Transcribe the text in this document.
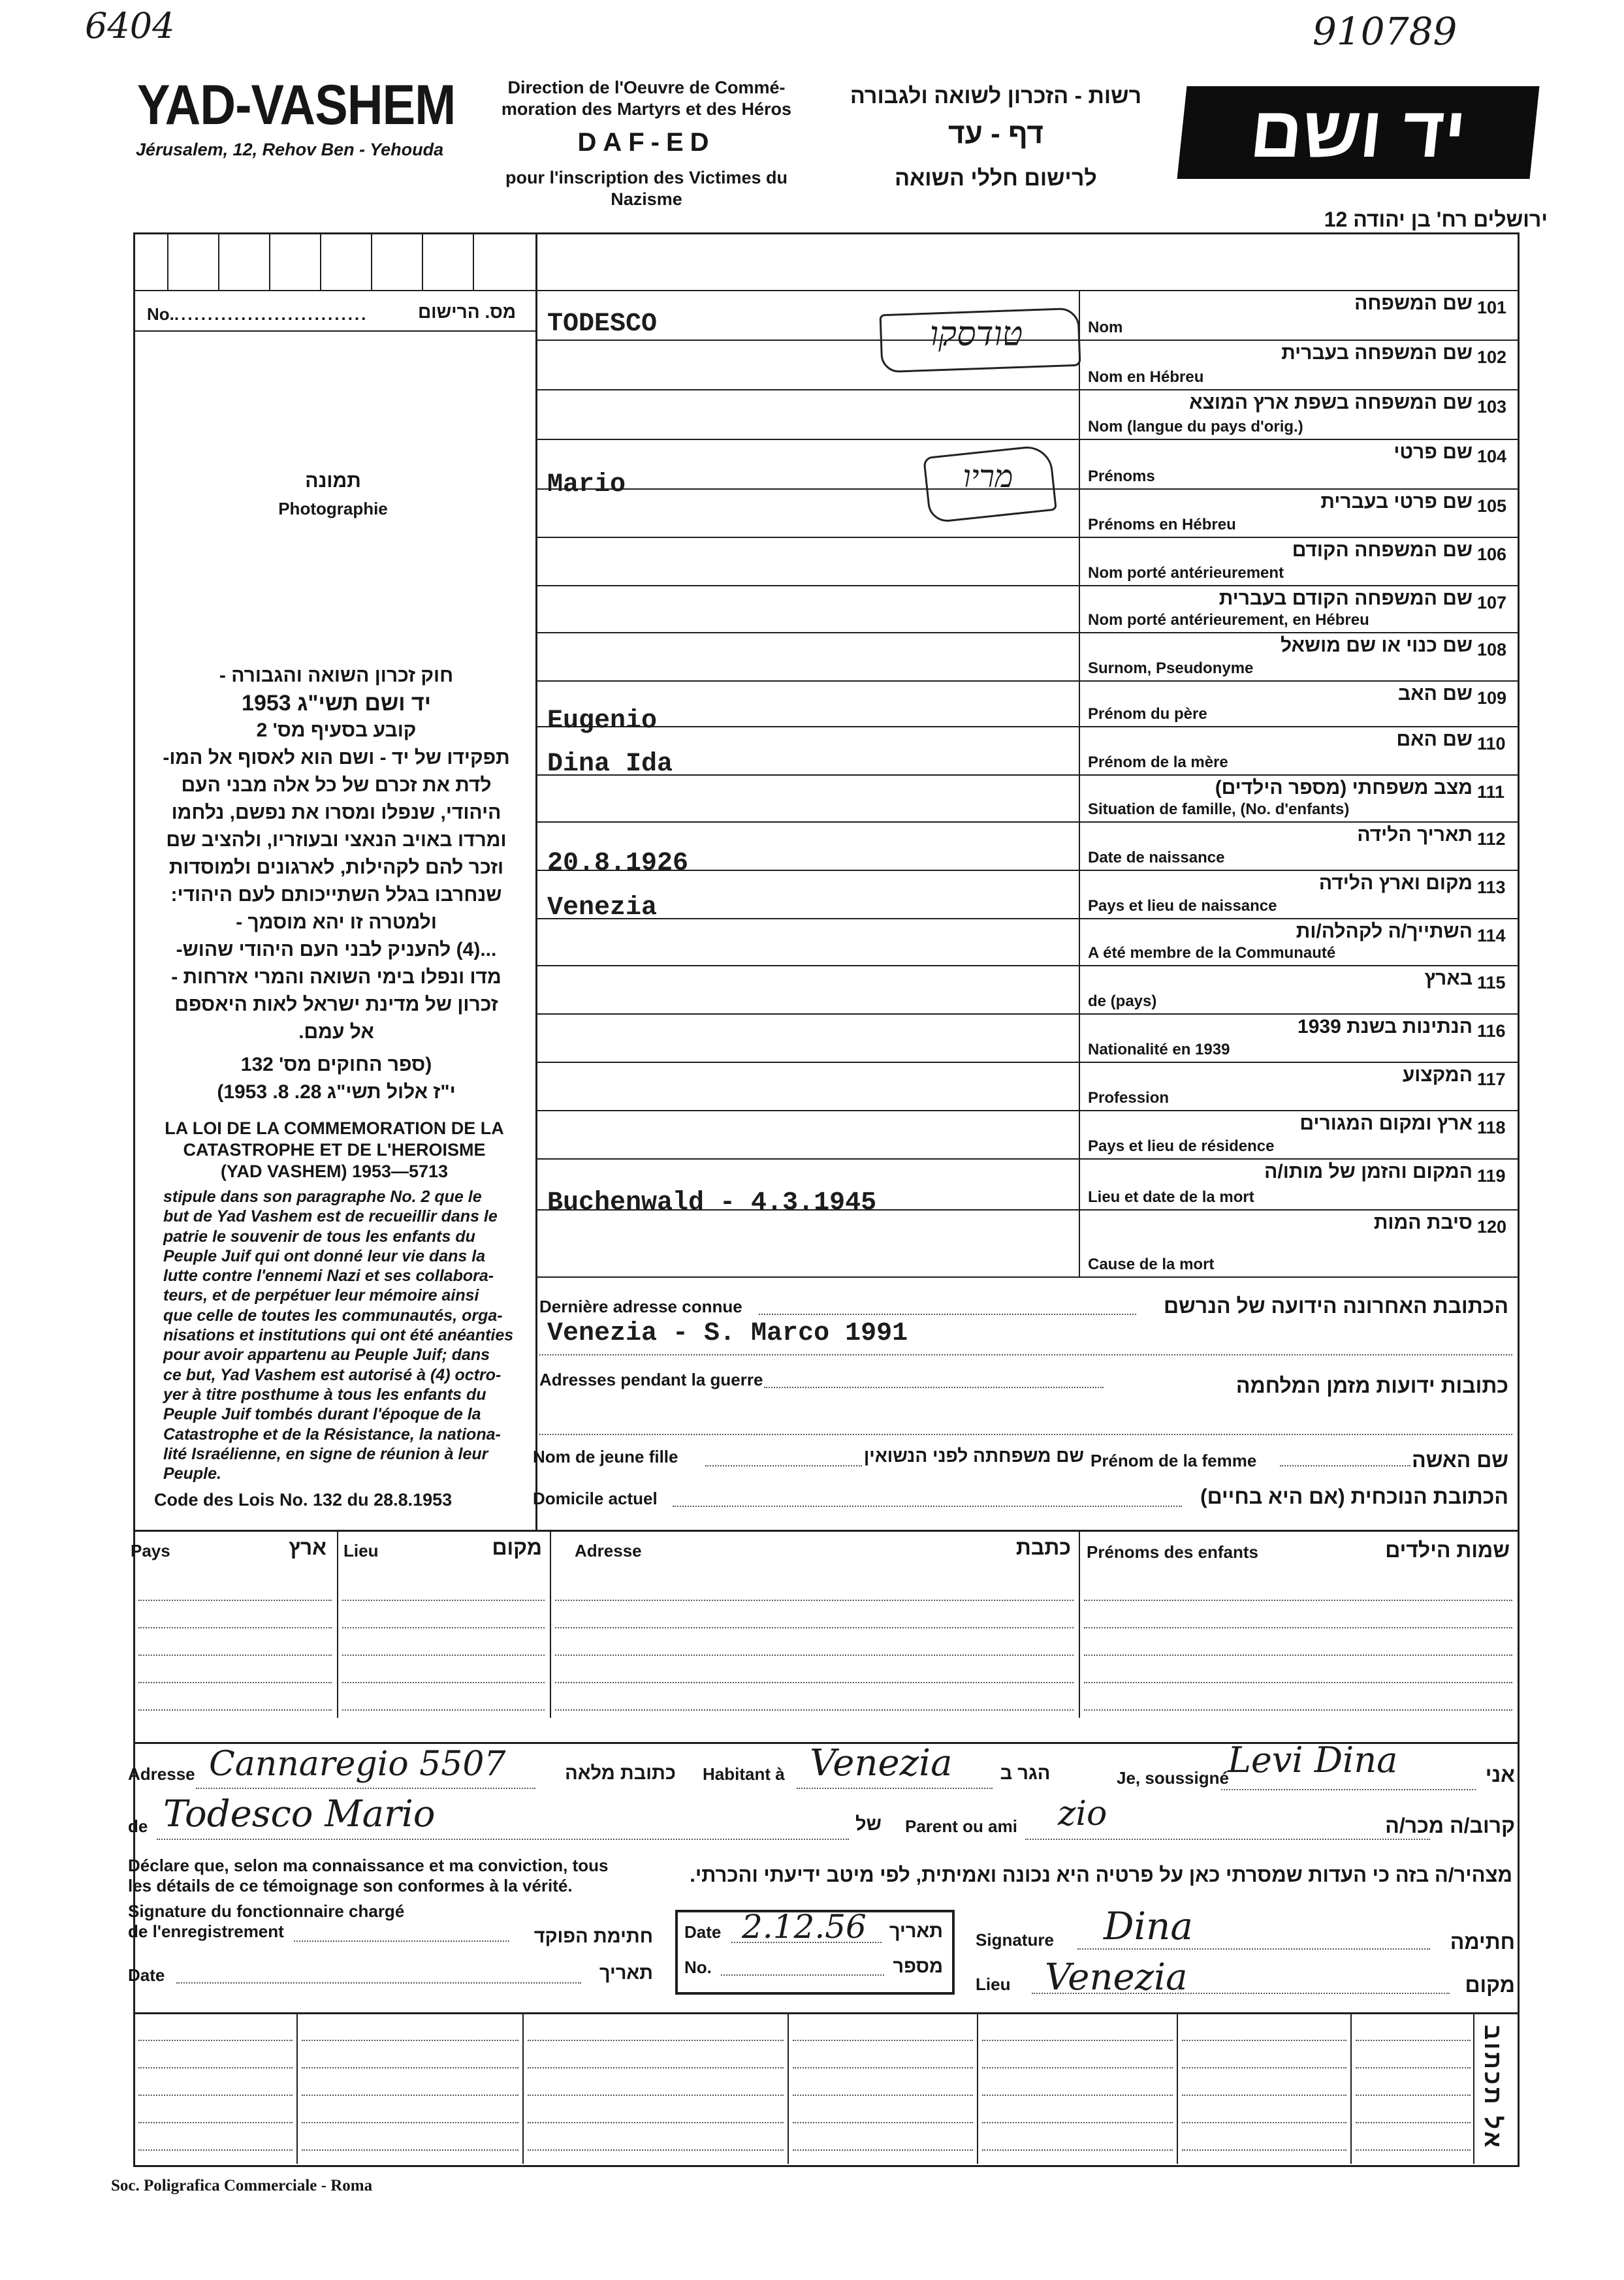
6404	910789
YAD-VASHEM
Jérusalem, 12, Rehov Ben - Yehouda
Direction de l'Oeuvre de Commé-
moration des Martyrs et des Héros
DAF-ED
pour l'inscription des Victimes du
Nazisme
רשות - הזכרון לשואה ולגבורה
דף - עד
לרישום חללי השואה
יד ושם
ירושלים רח' בן יהודה 12
No..............................	מס. הרישום
תמונה
Photographie
חוק זכרון השואה והגבורה -
יד ושם תשי"ג 1953
קובע בסעיף מס' 2
תפקידו של יד - ושם הוא לאסוף אל המו-
לדת את זכרם של כל אלה מבני העם
היהודי, שנפלו ומסרו את נפשם, נלחמו
ומרדו באויב הנאצי ובעוזריו, ולהציב שם
וזכר להם לקהילות, לארגונים ולמוסדות
שנחרבו בגלל השתייכותם לעם היהודי:
ולמטרה זו יהא מוסמך -
...(4) להעניק לבני העם היהודי שהוש-
מדו ונפלו בימי השואה והמרי אזרחות -
זכרון של מדינת ישראל לאות היאספם
אל עמם.
(ספר החוקים מס' 132
י"ז אלול תשי"ג 28. 8. 1953)
LA LOI DE LA COMMEMORATION DE LA
CATASTROPHE ET DE L'HEROISME
(YAD VASHEM) 1953—5713
stipule dans son paragraphe No. 2 que le
but de Yad Vashem est de recueillir dans le
patrie le souvenir de tous les enfants du
Peuple Juif qui ont donné leur vie dans la
lutte contre l'ennemi Nazi et ses collabora-
teurs, et de perpétuer leur mémoire ainsi
que celle de toutes les communautés, orga-
nisations et institutions qui ont été anéanties
pour avoir appartenu au Peuple Juif; dans
ce but, Yad Vashem est autorisé à (4) octro-
yer à titre posthume à tous les enfants du
Peuple Juif tombés durant l'époque de la
Catastrophe et de la Résistance, la nationa-
lité Israélienne, en signe de réunion à leur
Peuple.
Code des Lois No. 132 du 28.8.1953
101
שם המשפחה
Nom
TODESCO
102
שם המשפחה בעברית
Nom en Hébreu
103
שם המשפחה בשפת ארץ המוצא
Nom (langue du pays d'orig.)
104
שם פרטי
Prénoms
Mario
105
שם פרטי בעברית
Prénoms en Hébreu
106
שם המשפחה הקודם
Nom porté antérieurement
107
שם המשפחה הקודם בעברית
Nom porté antérieurement, en Hébreu
108
שם כנוי או שם מושאל
Surnom, Pseudonyme
109
שם האב
Prénom du père
Eugenio
110
שם האם
Prénom de la mère
Dina Ida
111
מצב משפחתי (מספר הילדים)
Situation de famille, (No. d'enfants)
112
תאריך הלידה
Date de naissance
20.8.1926
113
מקום וארץ הלידה
Pays et lieu de naissance
Venezia
114
השתייך/ה לקהלה/ות
A été membre de la Communauté
115
בארץ
de (pays)
116
הנתינות בשנת 1939
Nationalité en 1939
117
המקצוע
Profession
118
ארץ ומקום המגורים
Pays et lieu de résidence
119
המקום והזמן של מותו/ה
Lieu et date de la mort
Buchenwald - 4.3.1945
120
סיבת המות
Cause de la mort
טודסקו
מריו
Dernière adresse connue	הכתובת האחרונה הידועה של הנרשם
Venezia - S. Marco 1991
Adresses pendant la guerre	כתובות ידועות מזמן המלחמה
Nom de jeune fille	שם משפחתה לפני הנשואין Prénom de la femme	שם האשה
Domicile actuel	הכתובת הנוכחית (אם היא בחיים)
Pays	ארץ Lieu	מקום Adresse	כתבת Prénoms des enfants	שמות הילדים
Adresse Cannaregio 5507	כתובת מלאה	Habitant à Venezia	הגר ב	Je, soussigné
Levi Dina	אני
de Todesco Mario	של	Parent ou ami zio	קרוב/ה מכר/ה
Déclare que, selon ma connaissance et ma conviction, tous
les détails de ce témoignage son conformes à la vérité.	מצהיר/ה בזה כי העדות שמסרתי כאן על פרטיה היא נכונה ואמיתית, לפי מיטב ידיעתי והכרתי.
Signature du fonctionnaire chargé
de l'enregistrement	חתימת הפוקד
Date	תאריך
Date 2.12.56	תאריך
No.	מספר
Signature Dina	חתימה
Lieu Venezia	מקום
אל תכתוב
Soc. Poligrafica Commerciale - Roma
